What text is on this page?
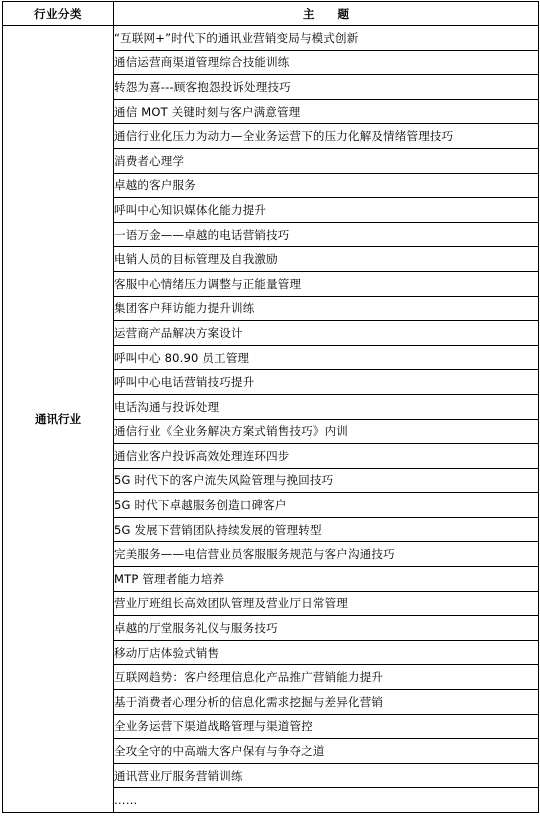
行业分类	主　　题
通讯行业	“互联网+”时代下的通讯业营销变局与模式创新
	通信运营商渠道管理综合技能训练
	转怨为喜---顾客抱怨投诉处理技巧
	通信 MOT 关键时刻与客户满意管理
	通信行业化压力为动力—全业务运营下的压力化解及情绪管理技巧
	消费者心理学
	卓越的客户服务
	呼叫中心知识媒体化能力提升
	一语万金——卓越的电话营销技巧
	电销人员的目标管理及自我激励
	客服中心情绪压力调整与正能量管理
	集团客户拜访能力提升训练
	运营商产品解决方案设计
	呼叫中心 80.90 员工管理
	呼叫中心电话营销技巧提升
	电话沟通与投诉处理
	通信行业《全业务解决方案式销售技巧》内训
	通信业客户投诉高效处理连环四步
	5G 时代下的客户流失风险管理与挽回技巧
	5G 时代下卓越服务创造口碑客户
	5G 发展下营销团队持续发展的管理转型
	完美服务——电信营业员客服服务规范与客户沟通技巧
	MTP 管理者能力培养
	营业厅班组长高效团队管理及营业厅日常管理
	卓越的厅堂服务礼仪与服务技巧
	移动厅店体验式销售
	互联网趋势：客户经理信息化产品推广营销能力提升
	基于消费者心理分析的信息化需求挖掘与差异化营销
	全业务运营下渠道战略管理与渠道管控
	全攻全守的中高端大客户保有与争夺之道
	通讯营业厅服务营销训练
	……
